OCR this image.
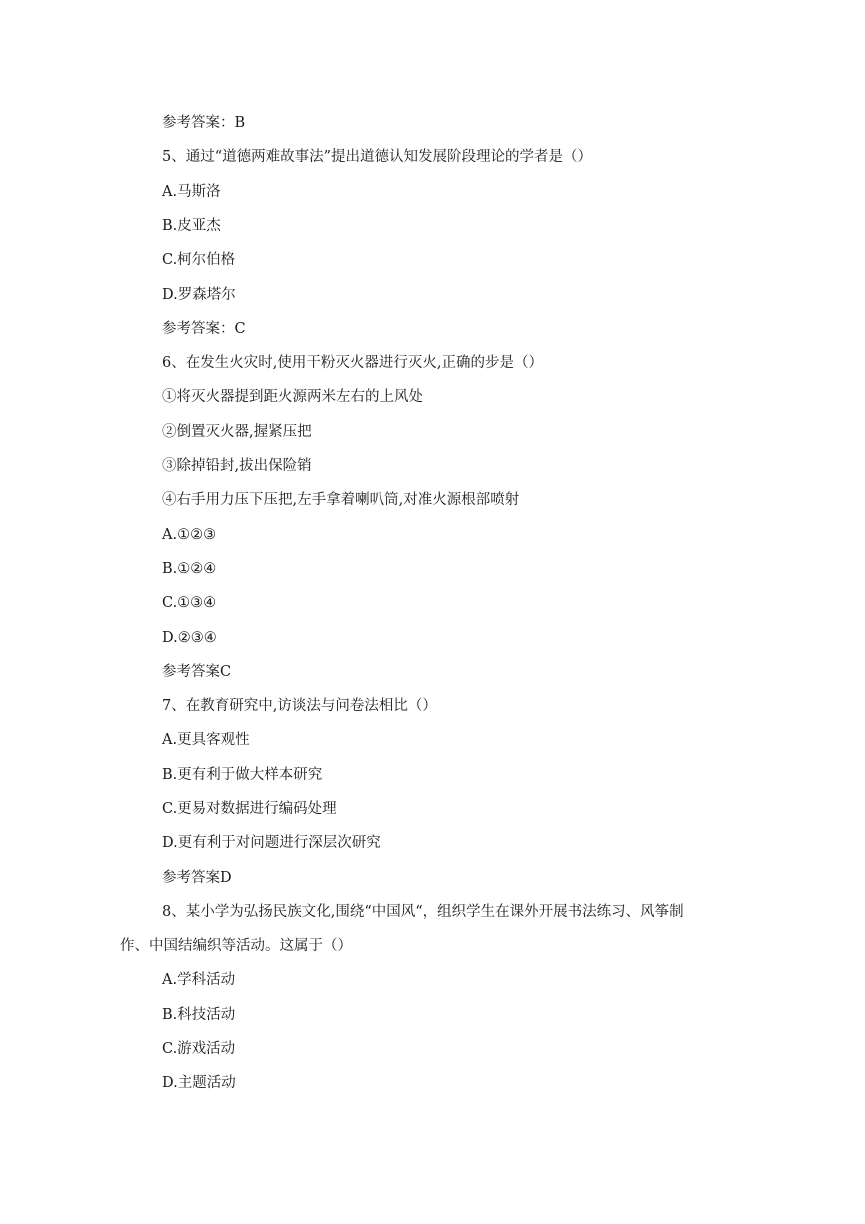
参考答案：B
5、通过“道德两难故事法”提出道德认知发展阶段理论的学者是（）
A.马斯洛
B.皮亚杰
C.柯尔伯格
D.罗森塔尔
参考答案：C
6、在发生火灾时,使用干粉灭火器进行灭火,正确的步是（）
①将灭火器提到距火源两米左右的上风处
②倒置灭火器,握紧压把
③除掉铅封,拔出保险销
④右手用力压下压把,左手拿着喇叭筒,对准火源根部喷射
A.①②③
B.①②④
C.①③④
D.②③④
参考答案C
7、在教育研究中,访谈法与问卷法相比（）
A.更具客观性
B.更有利于做大样本研究
C.更易对数据进行编码处理
D.更有利于对问题进行深层次研究
参考答案D
8、某小学为弘扬民族文化,围绕“中国风“，组织学生在课外开展书法练习、风筝制
作、中国结编织等活动。这属于（）
A.学科活动
B.科技活动
C.游戏活动
D.主题活动
